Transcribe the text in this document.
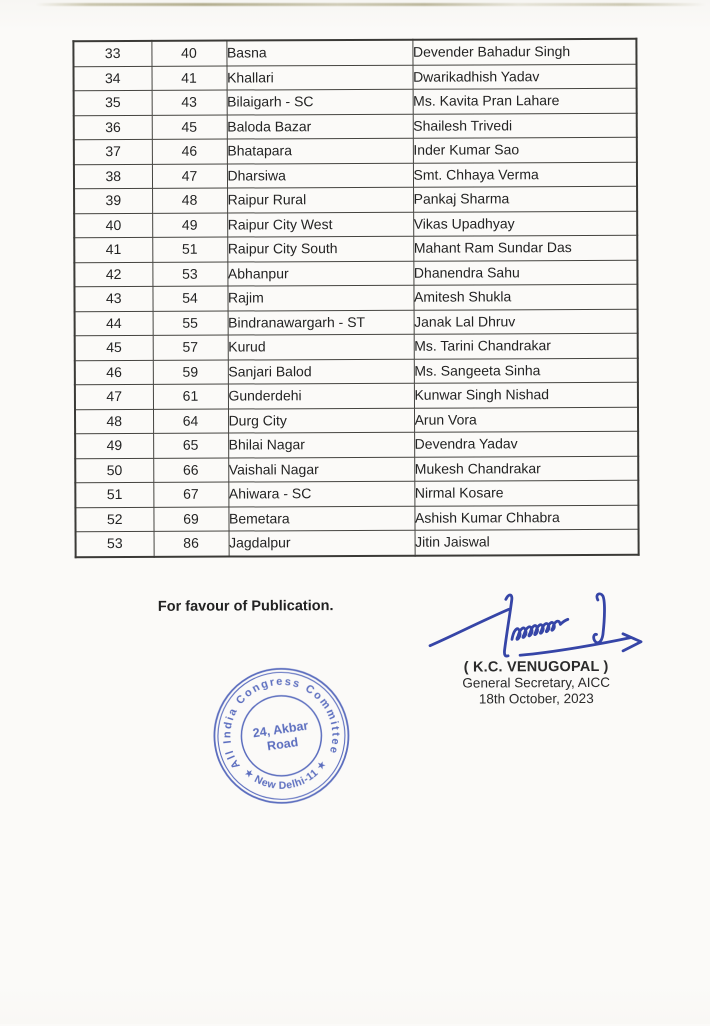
33	40	Basna	Devender Bahadur Singh
34	41	Khallari	Dwarikadhish Yadav
35	43	Bilaigarh - SC	Ms. Kavita Pran Lahare
36	45	Baloda Bazar	Shailesh Trivedi
37	46	Bhatapara	Inder Kumar Sao
38	47	Dharsiwa	Smt. Chhaya Verma
39	48	Raipur Rural	Pankaj Sharma
40	49	Raipur City West	Vikas Upadhyay
41	51	Raipur City South	Mahant Ram Sundar Das
42	53	Abhanpur	Dhanendra Sahu
43	54	Rajim	Amitesh Shukla
44	55	Bindranawargarh - ST	Janak Lal Dhruv
45	57	Kurud	Ms. Tarini Chandrakar
46	59	Sanjari Balod	Ms. Sangeeta Sinha
47	61	Gunderdehi	Kunwar Singh Nishad
48	64	Durg City	Arun Vora
49	65	Bhilai Nagar	Devendra Yadav
50	66	Vaishali Nagar	Mukesh Chandrakar
51	67	Ahiwara - SC	Nirmal Kosare
52	69	Bemetara	Ashish Kumar Chhabra
53	86	Jagdalpur	Jitin Jaiswal
For favour of Publication.
( K.C. VENUGOPAL )
General Secretary, AICC
18th October, 2023
All India Congress Committee
★ New Delhi-11 ★
24, Akbar
Road
